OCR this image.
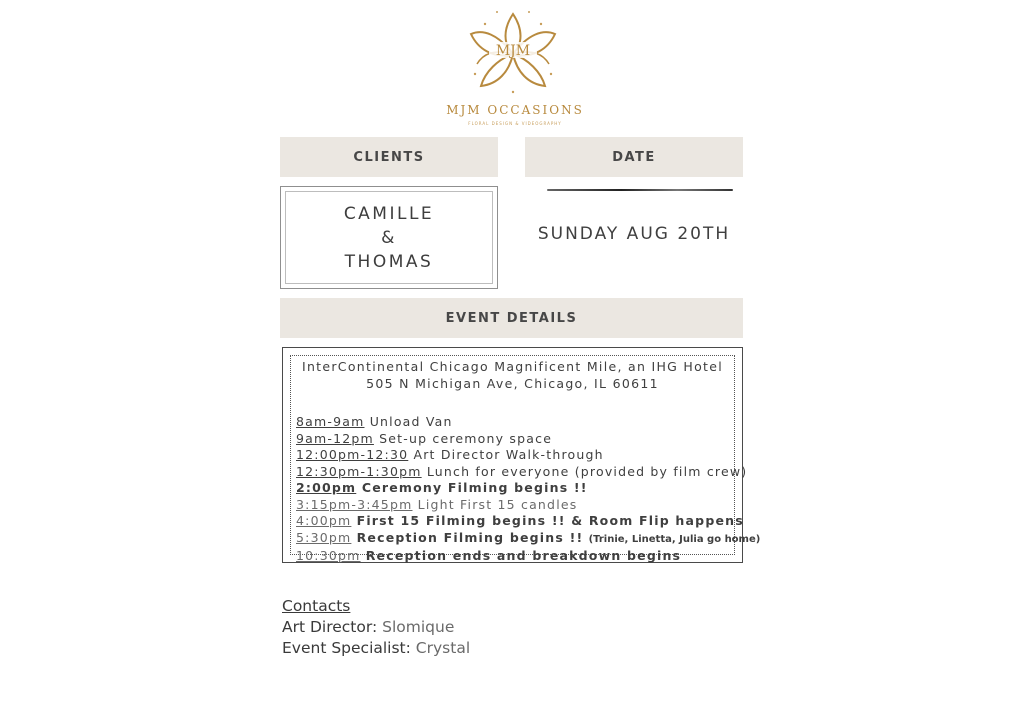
MJM
MJM OCCASIONS
FLORAL DESIGN & VIDEOGRAPHY
CLIENTS	DATE
CAMILLE
&
THOMAS
SUNDAY AUG 20TH
EVENT DETAILS
InterContinental Chicago Magnificent Mile, an IHG Hotel
505 N Michigan Ave, Chicago, IL 60611
8am-9am Unload Van
9am-12pm Set-up ceremony space
12:00pm-12:30 Art Director Walk-through
12:30pm-1:30pm Lunch for everyone (provided by film crew)
2:00pm Ceremony Filming begins !!
3:15pm-3:45pm Light First 15 candles
4:00pm First 15 Filming begins !! & Room Flip happens
5:30pm Reception Filming begins !! (Trinie, Linetta, Julia go home)
10:30pm Reception ends and breakdown begins
Contacts
Art Director: Slomique
Event Specialist: Crystal
